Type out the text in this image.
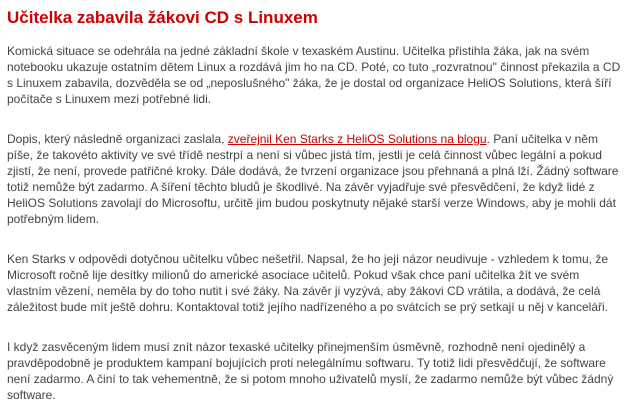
Učitelka zabavila žákovi CD s Linuxem

Komická situace se odehrála na jedné základní škole v texaském Austinu. Učitelka přistihla žáka, jak na svém notebooku ukazuje ostatním dětem Linux a rozdává jim ho na CD. Poté, co tuto „rozvratnou" činnost překazila a CD s Linuxem zabavila, dozvěděla se od „neposlušného" žáka, že je dostal od organizace HeliOS Solutions, která šíří počítače s Linuxem mezi potřebné lidi.

Dopis, který následně organizaci zaslala, zveřejnil Ken Starks z HeliOS Solutions na blogu. Paní učitelka v něm píše, že takovéto aktivity ve své třídě nestrpí a není si vůbec jistá tím, jestli je celá činnost vůbec legální a pokud zjistí, že není, provede patřičné kroky. Dále dodává, že tvrzení organizace jsou přehnaná a plná lží. Žádný software totiž nemůže být zadarmo. A šíření těchto bludů je škodlivé. Na závěr vyjadřuje své přesvědčení, že když lidé z HeliOS Solutions zavolají do Microsoftu, určitě jim budou poskytnuty nějaké starší verze Windows, aby je mohli dát potřebným lidem.

Ken Starks v odpovědi dotyčnou učitelku vůbec nešetřil. Napsal, že ho její názor neudivuje - vzhledem k tomu, že Microsoft ročně lije desítky milionů do americké asociace učitelů. Pokud však chce paní učitelka žít ve svém vlastním vězení, neměla by do toho nutit i své žáky. Na závěr ji vyzývá, aby žákovi CD vrátila, a dodává, že celá záležitost bude mít ještě dohru. Kontaktoval totiž jejího nadřízeného a po svátcích se prý setkají u něj v kanceláři.

I když zasvěceným lidem musí znít názor texaské učitelky přinejmenším úsměvně, rozhodně není ojedinělý a pravděpodobně je produktem kampaní bojujících proti nelegálnímu softwaru. Ty totiž lidi přesvědčují, že software není zadarmo. A činí to tak vehementně, že si potom mnoho uživatelů myslí, že zadarmo nemůže být vůbec žádný software.
